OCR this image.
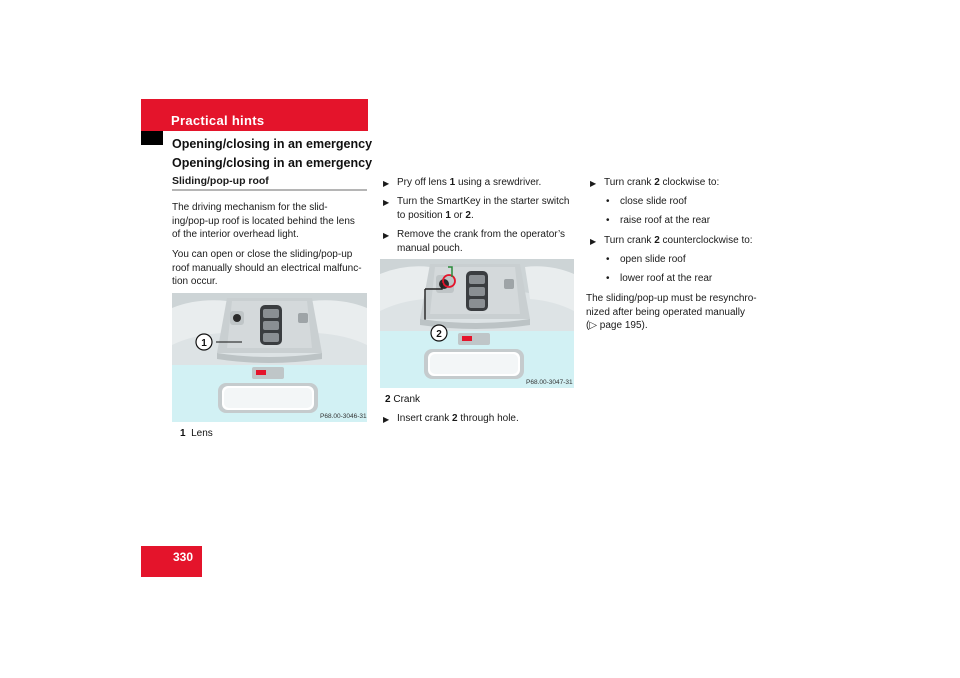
Practical hints
Opening/closing in an emergency
Opening/closing in an emergency
Sliding/pop-up roof
The driving mechanism for the slid-
ing/pop-up roof is located behind the lens
of the interior overhead light.
You can open or close the sliding/pop-up
roof manually should an electrical malfunc-
tion occur.
1
P68.00-3046-31
1 Lens
▶ Pry off lens 1 using a srewdriver.
▶ Turn the SmartKey in the starter switch
to position 1 or 2.
▶ Remove the crank from the operator’s
manual pouch.
2
P68.00-3047-31
2 Crank
▶ Insert crank 2 through hole.
▶ Turn crank 2 clockwise to:
•	close slide roof
•	raise roof at the rear
▶ Turn crank 2 counterclockwise to:
•	open slide roof
•	lower roof at the rear
The sliding/pop-up must be resynchro-
nized after being operated manually
(▷ page 195).
330
